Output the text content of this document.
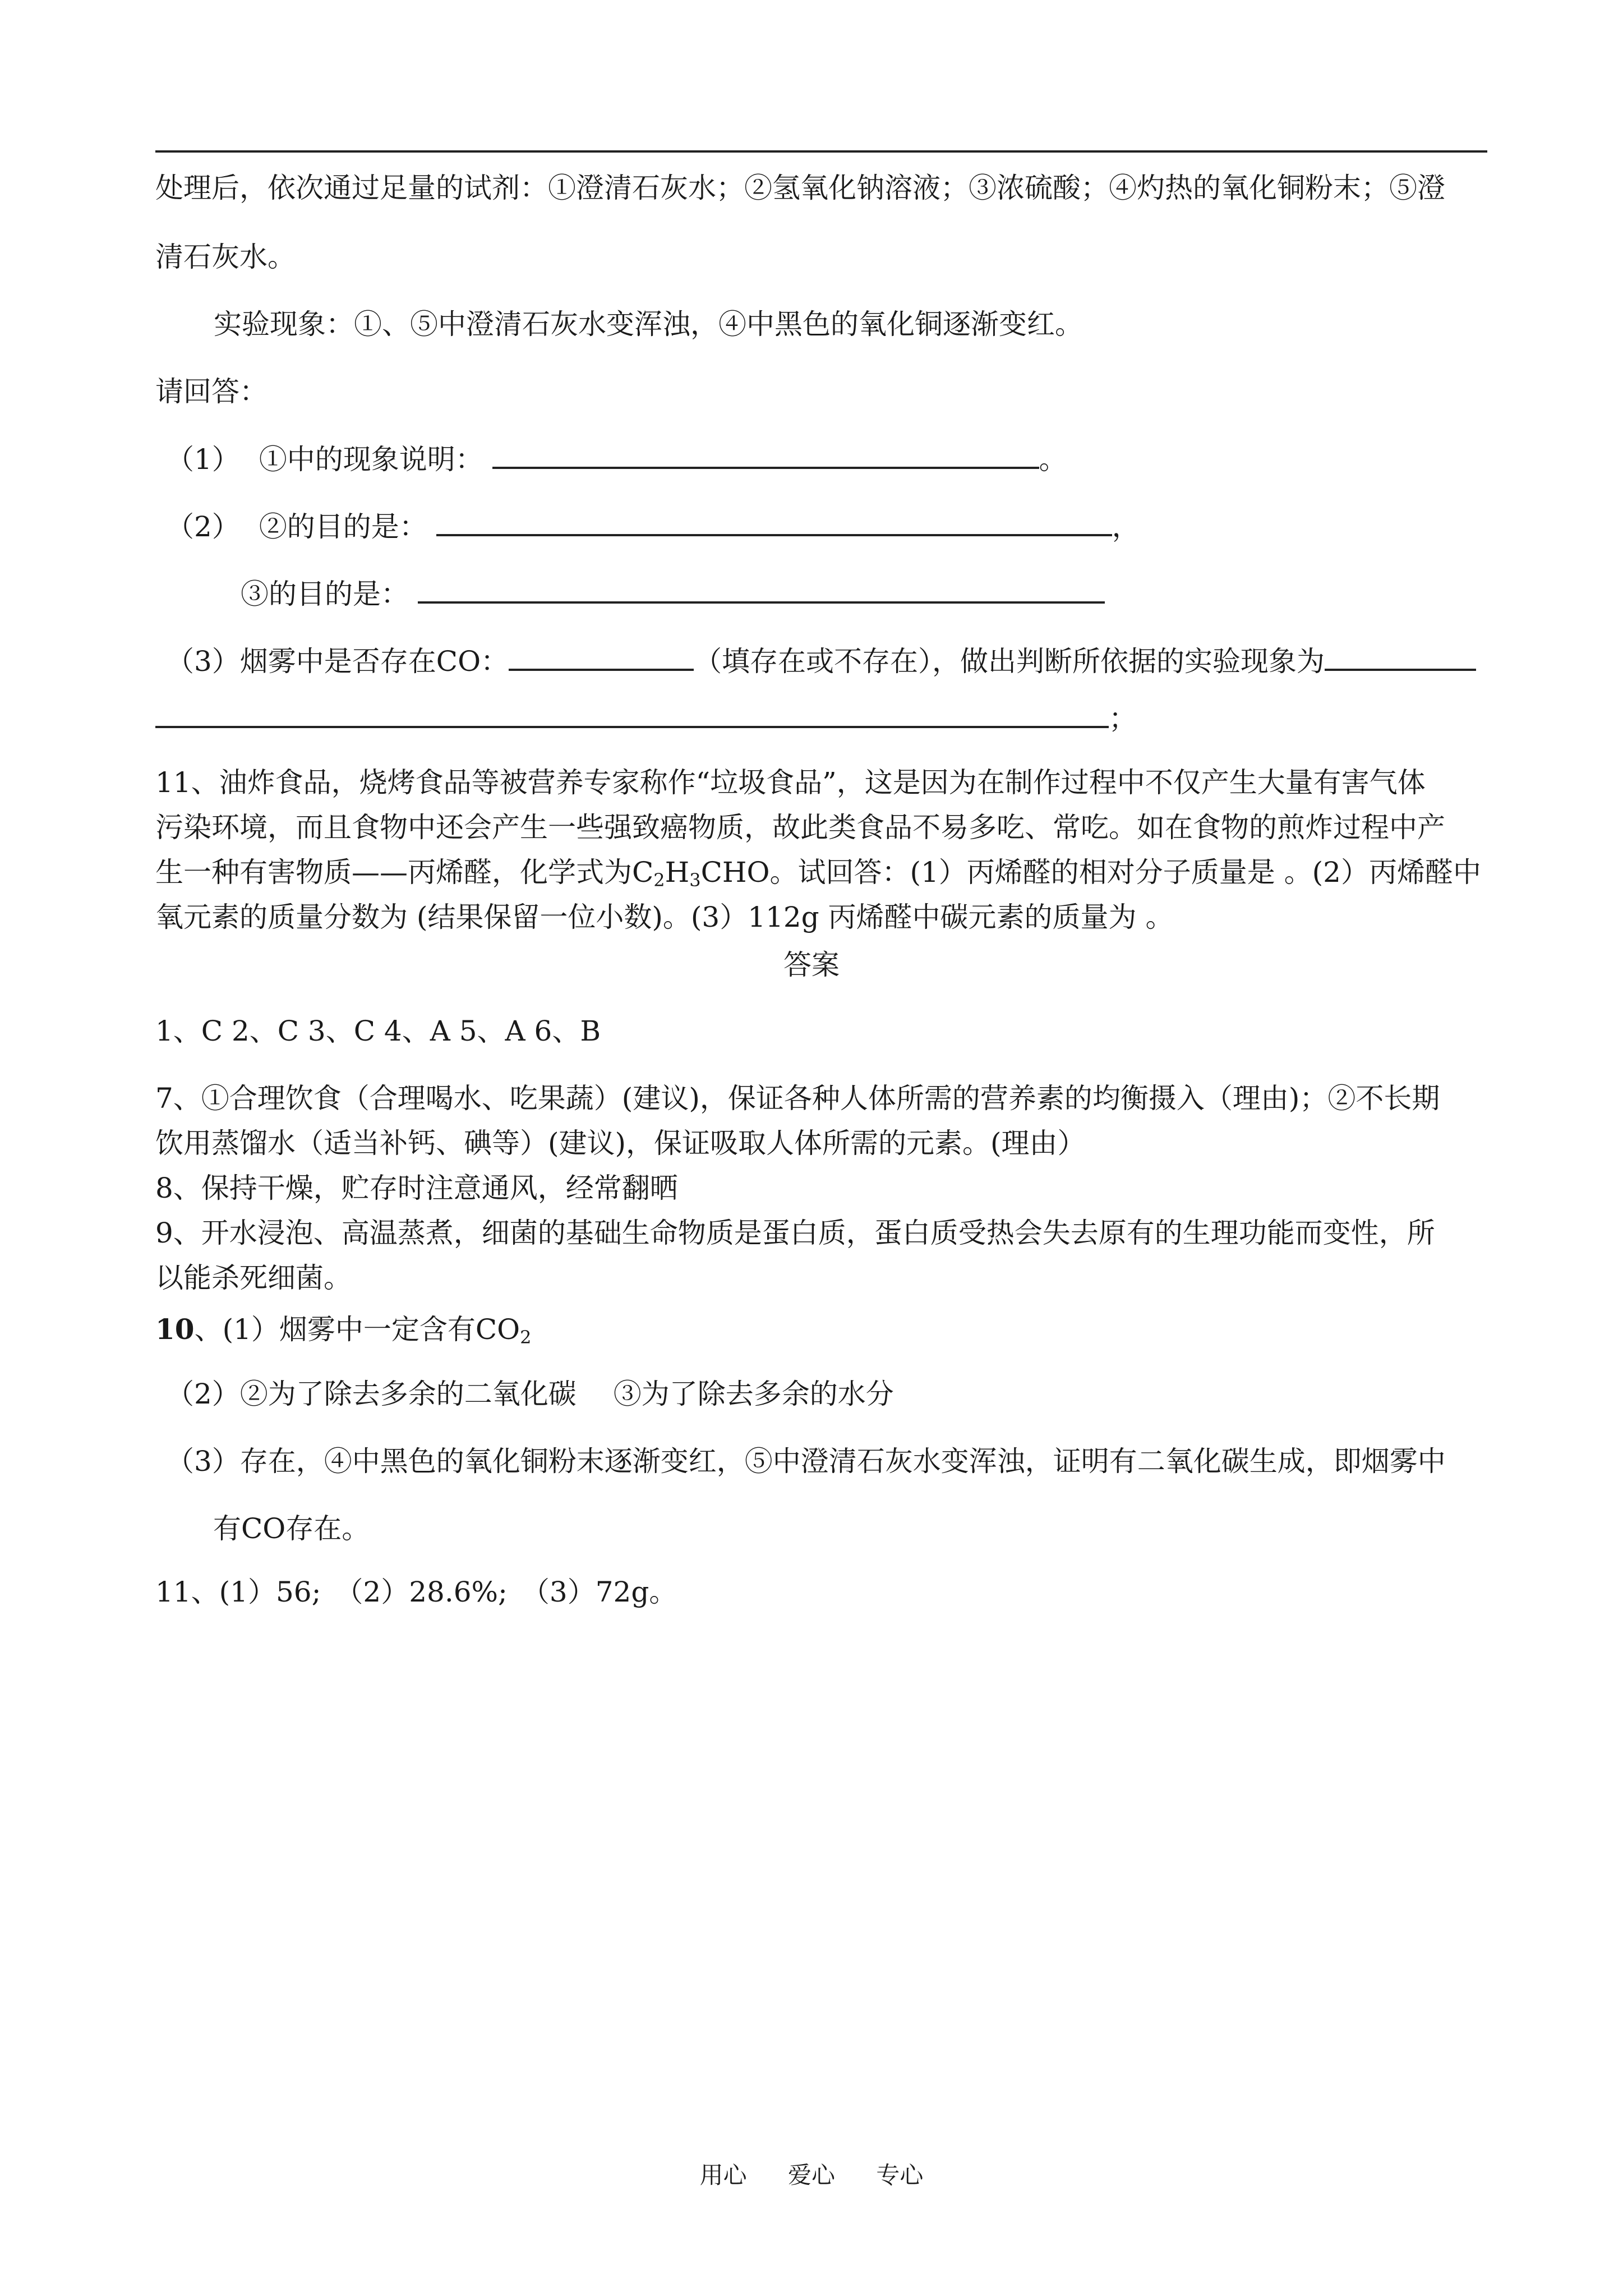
处理后，依次通过足量的试剂：①澄清石灰水；②氢氧化钠溶液；③浓硫酸；④灼热的氧化铜粉末；⑤澄
清石灰水。
实验现象：①、⑤中澄清石灰水变浑浊，④中黑色的氧化铜逐渐变红。
请回答：
（1） ①中的现象说明：	。
（2） ②的目的是：	，
③的目的是：
（3）烟雾中是否存在CO：	（填存在或不存在），做出判断所依据的实验现象为
；
11、油炸食品，烧烤食品等被营养专家称作“垃圾食品”，这是因为在制作过程中不仅产生大量有害气体
污染环境，而且食物中还会产生一些强致癌物质，故此类食品不易多吃、常吃。如在食物的煎炸过程中产
生一种有害物质——丙烯醛，化学式为$C_2H_3CHO$。试回答：(1）丙烯醛的相对分子质量是 。(2）丙烯醛中
氧元素的质量分数为 (结果保留一位小数)。(3）112g 丙烯醛中碳元素的质量为 。
答案
1、C 2、C 3、C 4、A 5、A 6、B
7、①合理饮食（合理喝水、吃果蔬）(建议)，保证各种人体所需的营养素的均衡摄入（理由)；②不长期
饮用蒸馏水（适当补钙、碘等）(建议)，保证吸取人体所需的元素。(理由）
8、保持干燥，贮存时注意通风，经常翻晒
9、开水浸泡、高温蒸煮，细菌的基础生命物质是蛋白质，蛋白质受热会失去原有的生理功能而变性，所
以能杀死细菌。
10、(1）烟雾中一定含有$CO_2$
（2）②为了除去多余的二氧化碳　 ③为了除去多余的水分
（3）存在，④中黑色的氧化铜粉末逐渐变红，⑤中澄清石灰水变浑浊，证明有二氧化碳生成，即烟雾中
有CO存在。
11、(1）56;　（2）28.6%;　（3）72g。
用心 爱心 专心
